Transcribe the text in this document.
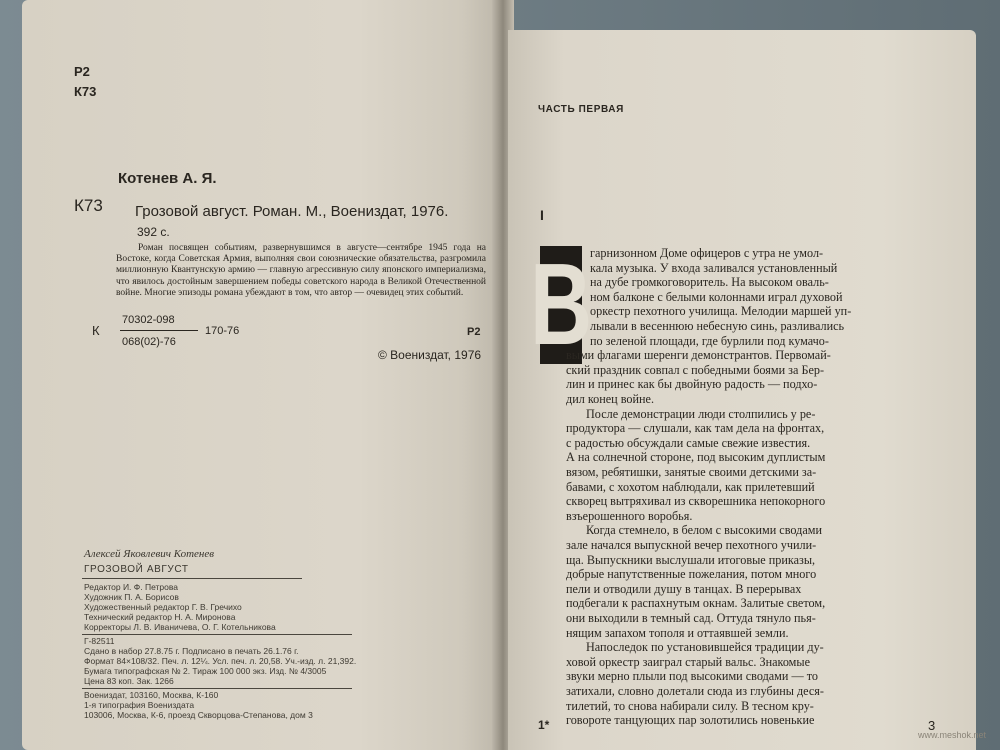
Р2
К73
Котенев А. Я.
К73 Грозовой август. Роман. М., Воениздат, 1976.
392 с.
Роман посвящен событиям, развернувшимся в августе—сентябре 1945 года на Востоке, когда Советская Армия, выполняя свои союзнические обязательства, разгромила миллионную Квантунскую армию — главную агрессивную силу японского империализма, что явилось достойным завершением победы советского народа в Великой Отечественной войне. Многие эпизоды романа убеждают в том, что автор — очевидец этих событий.
К
70302-098
068(02)-76
170-76	Р2
© Воениздат, 1976
Алексей Яковлевич Котенев
ГРОЗОВОЙ АВГУСТ
Редактор И. Ф. Петрова
Художник П. А. Борисов
Художественный редактор Г. В. Гречихо
Технический редактор Н. А. Миронова
Корректоры Л. В. Иваничева, О. Г. Котельникова
Г-82511
Сдано в набор 27.8.75 г. Подписано в печать 26.1.76 г.
Формат 84×108/32. Печ. л. 12¼. Усл. печ. л. 20,58. Уч.-изд. л. 21,392.
Бумага типографская № 2. Тираж 100 000 экз. Изд. № 4/3005
Цена 83 коп. Зак. 1266
Воениздат, 103160, Москва, К-160
1-я типография Воениздата
103006, Москва, К-6, проезд Скворцова-Степанова, дом 3
ЧАСТЬ ПЕРВАЯ
I
В
гарнизонном Доме офицеров с утра не умол-
кала музыка. У входа заливался установленный
на дубе громкоговоритель. На высоком оваль-
ном балконе с белыми колоннами играл духовой
оркестр пехотного училища. Мелодии маршей уп-
лывали в весеннюю небесную синь, разливались
по зеленой площади, где бурлили под кумачо-
выми флагами шеренги демонстрантов. Первомай-
ский праздник совпал с победными боями за Бер-
лин и принес как бы двойную радость — подхо-
дил конец войне.
После демонстрации люди столпились у ре-
продуктора — слушали, как там дела на фронтах,
с радостью обсуждали самые свежие известия.
А на солнечной стороне, под высоким дуплистым
вязом, ребятишки, занятые своими детскими за-
бавами, с хохотом наблюдали, как прилетевший
скворец вытряхивал из скворешника непокорного
взъерошенного воробья.
Когда стемнело, в белом с высокими сводами
зале начался выпускной вечер пехотного учили-
ща. Выпускники выслушали итоговые приказы,
добрые напутственные пожелания, потом много
пели и отводили душу в танцах. В перерывах
подбегали к распахнутым окнам. Залитые светом,
1*	3
www.meshok.net
они выходили в темный сад. Оттуда тянуло пья-
нящим запахом тополя и оттаявшей земли.
Напоследок по установившейся традиции ду-
ховой оркестр заиграл старый вальс. Знакомые
звуки мерно плыли под высокими сводами — то
затихали, словно долетали сюда из глубины деся-
тилетий, то снова набирали силу. В тесном кру-
говороте танцующих пар золотились новенькие
